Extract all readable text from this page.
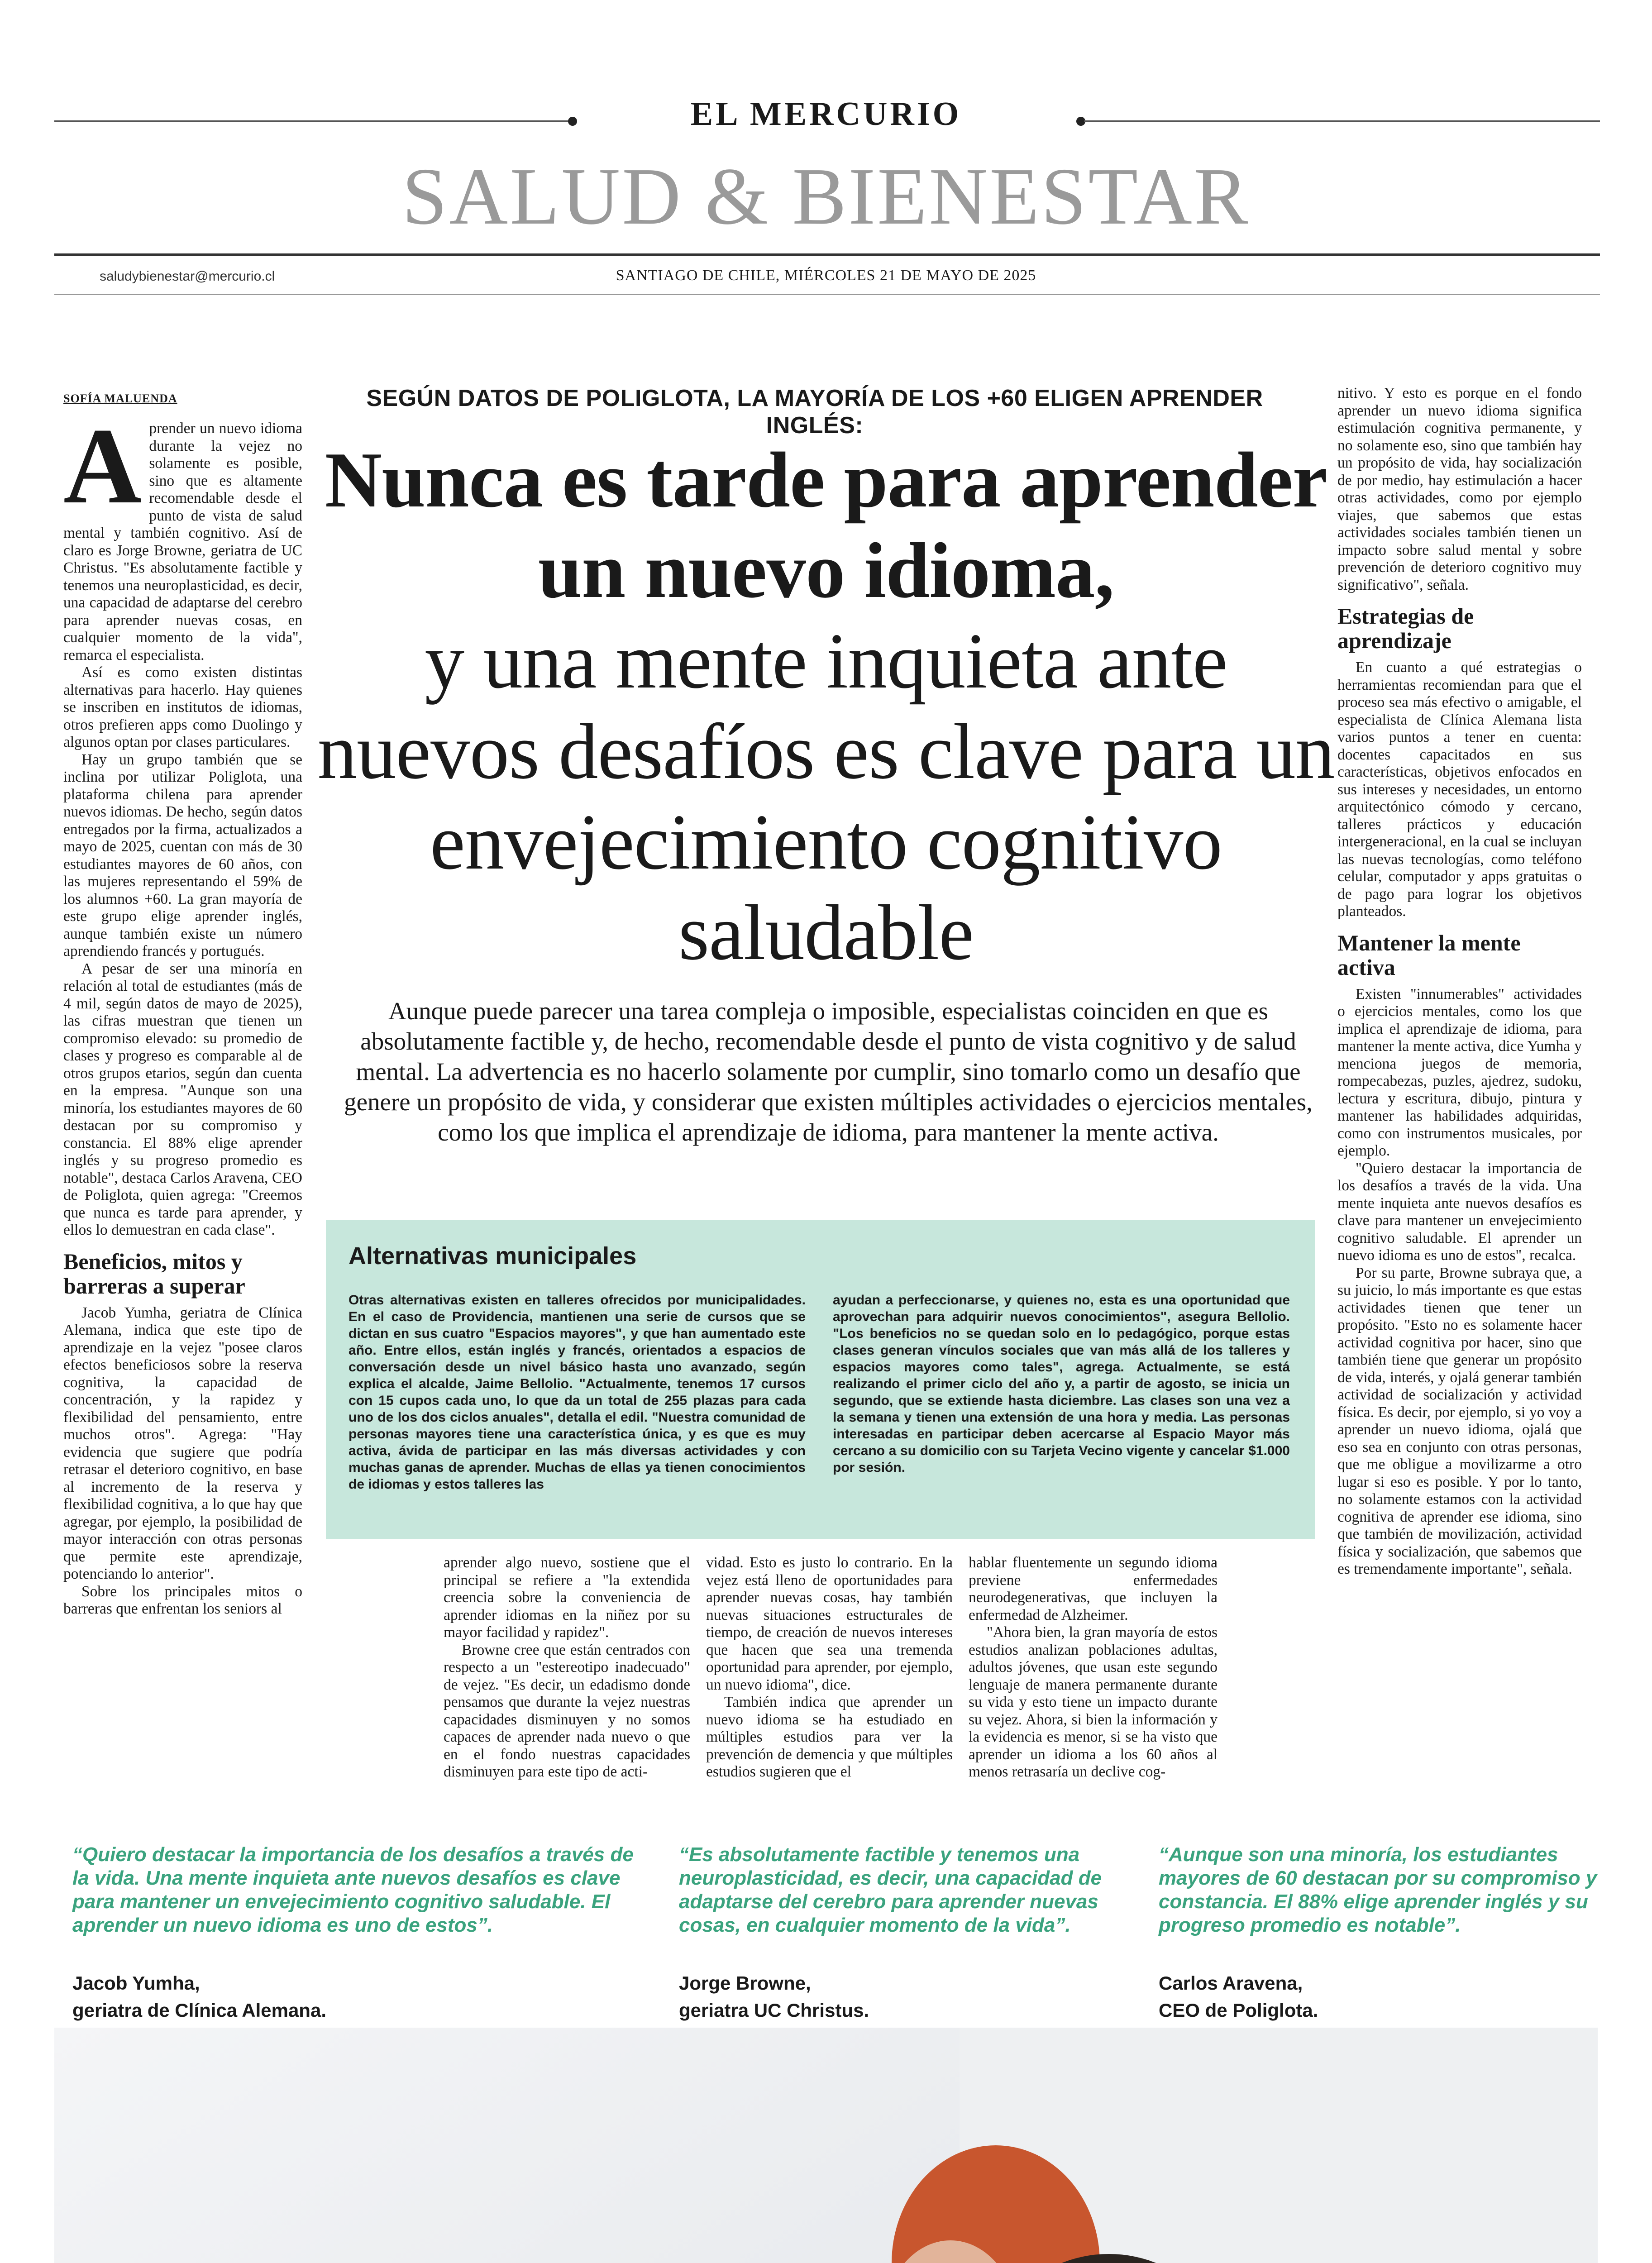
EL MERCURIO
SALUD & BIENESTAR
saludybienestar@mercurio.cl	SANTIAGO DE CHILE, MIÉRCOLES 21 DE MAYO DE 2025
SOFÍA MALUENDA
A prender un nuevo idioma durante la vejez no solamente es posible, sino que es altamente recomendable desde el punto de vista de salud mental y también cognitivo. Así de claro es Jorge Browne, geriatra de UC Christus. "Es absolutamente factible y tenemos una neuroplasticidad, es decir, una capacidad de adaptarse del cerebro para aprender nuevas cosas, en cualquier momento de la vida", remarca el especialista.

Así es como existen distintas alternativas para hacerlo. Hay quienes se inscriben en institutos de idiomas, otros prefieren apps como Duolingo y algunos optan por clases particulares.

Hay un grupo también que se inclina por utilizar Poliglota, una plataforma chilena para aprender nuevos idiomas. De hecho, según datos entregados por la firma, actualizados a mayo de 2025, cuentan con más de 30 estudiantes mayores de 60 años, con las mujeres representando el 59% de los alumnos +60. La gran mayoría de este grupo elige aprender inglés, aunque también existe un número aprendiendo francés y portugués.

A pesar de ser una minoría en relación al total de estudiantes (más de 4 mil, según datos de mayo de 2025), las cifras muestran que tienen un compromiso elevado: su promedio de clases y progreso es comparable al de otros grupos etarios, según dan cuenta en la empresa. "Aunque son una minoría, los estudiantes mayores de 60 destacan por su compromiso y constancia. El 88% elige aprender inglés y su progreso promedio es notable", destaca Carlos Aravena, CEO de Poliglota, quien agrega: "Creemos que nunca es tarde para aprender, y ellos lo demuestran en cada clase".

Beneficios, mitos y barreras a superar

Jacob Yumha, geriatra de Clínica Alemana, indica que este tipo de aprendizaje en la vejez "posee claros efectos beneficiosos sobre la reserva cognitiva, la capacidad de concentración, y la rapidez y flexibilidad del pensamiento, entre muchos otros". Agrega: "Hay evidencia que sugiere que podría retrasar el deterioro cognitivo, en base al incremento de la reserva y flexibilidad cognitiva, a lo que hay que agregar, por ejemplo, la posibilidad de mayor interacción con otras personas que permite este aprendizaje, potenciando lo anterior".

Sobre los principales mitos o barreras que enfrentan los seniors al

SEGÚN DATOS DE POLIGLOTA, LA MAYORÍA DE LOS +60 ELIGEN APRENDER INGLÉS:
Nunca es tarde para aprender un nuevo idioma,
y una mente inquieta ante nuevos desafíos es clave para un envejecimiento cognitivo saludable
Aunque puede parecer una tarea compleja o imposible, especialistas coinciden en que es absolutamente factible y, de hecho, recomendable desde el punto de vista cognitivo y de salud mental. La advertencia es no hacerlo solamente por cumplir, sino tomarlo como un desafío que genere un propósito de vida, y considerar que existen múltiples actividades o ejercicios mentales, como los que implica el aprendizaje de idioma, para mantener la mente activa.
Alternativas municipales
Otras alternativas existen en talleres ofrecidos por municipalidades. En el caso de Providencia, mantienen una serie de cursos que se dictan en sus cuatro "Espacios mayores", y que han aumentado este año. Entre ellos, están inglés y francés, orientados a espacios de conversación desde un nivel básico hasta uno avanzado, según explica el alcalde, Jaime Bellolio. "Actualmente, tenemos 17 cursos con 15 cupos cada uno, lo que da un total de 255 plazas para cada uno de los dos ciclos anuales", detalla el edil. "Nuestra comunidad de personas mayores tiene una característica única, y es que es muy activa, ávida de participar en las más diversas actividades y con muchas ganas de aprender. Muchas de ellas ya tienen conocimientos de idiomas y estos talleres las
ayudan a perfeccionarse, y quienes no, esta es una oportunidad que aprovechan para adquirir nuevos conocimientos", asegura Bellolio. "Los beneficios no se quedan solo en lo pedagógico, porque estas clases generan vínculos sociales que van más allá de los talleres y espacios mayores como tales", agrega. Actualmente, se está realizando el primer ciclo del año y, a partir de agosto, se inicia un segundo, que se extiende hasta diciembre. Las clases son una vez a la semana y tienen una extensión de una hora y media. Las personas interesadas en participar deben acercarse al Espacio Mayor más cercano a su domicilio con su Tarjeta Vecino vigente y cancelar $1.000 por sesión.

aprender algo nuevo, sostiene que el principal se refiere a "la extendida creencia sobre la conveniencia de aprender idiomas en la niñez por su mayor facilidad y rapidez".

Browne cree que están centrados con respecto a un "estereotipo inadecuado" de vejez. "Es decir, un edadismo donde pensamos que durante la vejez nuestras capacidades disminuyen y no somos capaces de aprender nada nuevo o que en el fondo nuestras capacidades disminuyen para este tipo de acti-

vidad. Esto es justo lo contrario. En la vejez está lleno de oportunidades para aprender nuevas cosas, hay también nuevas situaciones estructurales de tiempo, de creación de nuevos intereses que hacen que sea una tremenda oportunidad para aprender, por ejemplo, un nuevo idioma", dice.

También indica que aprender un nuevo idioma se ha estudiado en múltiples estudios para ver la prevención de demencia y que múltiples estudios sugieren que el

hablar fluentemente un segundo idioma previene enfermedades neurodegenerativas, que incluyen la enfermedad de Alzheimer.

"Ahora bien, la gran mayoría de estos estudios analizan poblaciones adultas, adultos jóvenes, que usan este segundo lenguaje de manera permanente durante su vida y esto tiene un impacto durante su vejez. Ahora, si bien la información y la evidencia es menor, si se ha visto que aprender un idioma a los 60 años al menos retrasaría un declive cog-

nitivo. Y esto es porque en el fondo aprender un nuevo idioma significa estimulación cognitiva permanente, y no solamente eso, sino que también hay un propósito de vida, hay socialización de por medio, hay estimulación a hacer otras actividades, como por ejemplo viajes, que sabemos que estas actividades sociales también tienen un impacto sobre salud mental y sobre prevención de deterioro cognitivo muy significativo", señala.

Estrategias de aprendizaje

En cuanto a qué estrategias o herramientas recomiendan para que el proceso sea más efectivo o amigable, el especialista de Clínica Alemana lista varios puntos a tener en cuenta: docentes capacitados en sus características, objetivos enfocados en sus intereses y necesidades, un entorno arquitectónico cómodo y cercano, talleres prácticos y educación intergeneracional, en la cual se incluyan las nuevas tecnologías, como teléfono celular, computador y apps gratuitas o de pago para lograr los objetivos planteados.

Mantener la mente activa

Existen "innumerables" actividades o ejercicios mentales, como los que implica el aprendizaje de idioma, para mantener la mente activa, dice Yumha y menciona juegos de memoria, rompecabezas, puzles, ajedrez, sudoku, lectura y escritura, dibujo, pintura y mantener las habilidades adquiridas, como con instrumentos musicales, por ejemplo.

"Quiero destacar la importancia de los desafíos a través de la vida. Una mente inquieta ante nuevos desafíos es clave para mantener un envejecimiento cognitivo saludable. El aprender un nuevo idioma es uno de estos", recalca.

Por su parte, Browne subraya que, a su juicio, lo más importante es que estas actividades tienen que tener un propósito. "Esto no es solamente hacer actividad cognitiva por hacer, sino que también tiene que generar un propósito de vida, interés, y ojalá generar también actividad de socialización y actividad física. Es decir, por ejemplo, si yo voy a aprender un nuevo idioma, ojalá que eso sea en conjunto con otras personas, que me obligue a movilizarme a otro lugar si eso es posible. Y por lo tanto, no solamente estamos con la actividad cognitiva de aprender ese idioma, sino que también de movilización, actividad física y socialización, que sabemos que es tremendamente importante", señala.

“Quiero destacar la importancia de los desafíos a través de la vida. Una mente inquieta ante nuevos desafíos es clave para mantener un envejecimiento cognitivo saludable. El aprender un nuevo idioma es uno de estos”.
Jacob Yumha,
geriatra de Clínica Alemana.
“Es absolutamente factible y tenemos una neuroplasticidad, es decir, una capacidad de adaptarse del cerebro para aprender nuevas cosas, en cualquier momento de la vida”.
Jorge Browne,
geriatra UC Christus.
“Aunque son una minoría, los estudiantes mayores de 60 destacan por su compromiso y constancia. El 88% elige aprender inglés y su progreso promedio es notable”.
Carlos Aravena,
CEO de Poliglota.
